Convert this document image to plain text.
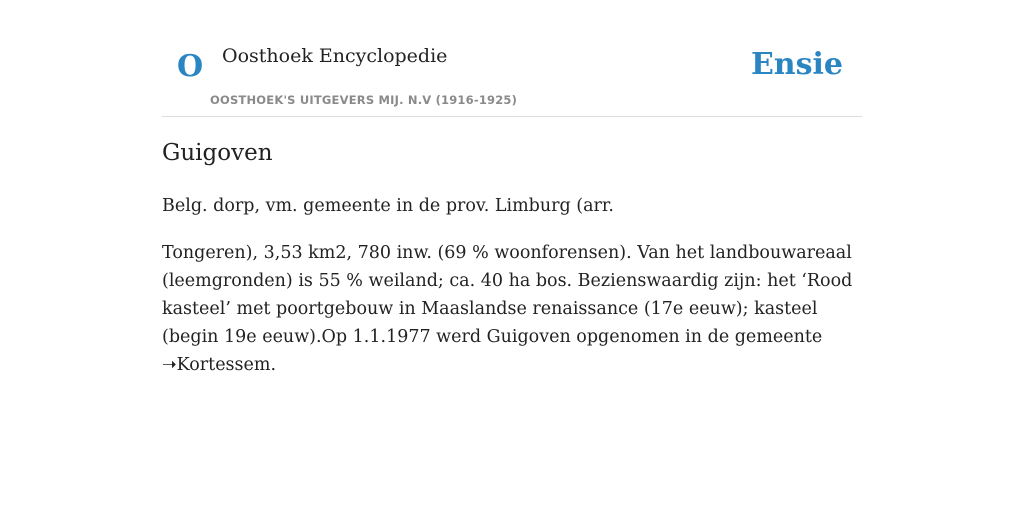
O Oosthoek Encyclopedie
OOSTHOEK'S UITGEVERS MIJ. N.V (1916-1925)
Ensie
Guigoven

Belg. dorp, vm. gemeente in de prov. Limburg (arr.

Tongeren), 3,53 km2, 780 inw. (69 % woonforensen). Van het landbouwareaal (leemgronden) is 55 % weiland; ca. 40 ha bos. Bezienswaardig zijn: het ‘Rood kasteel’ met poortgebouw in Maaslandse renaissance (17e eeuw); kasteel (begin 19e eeuw).Op 1.1.1977 werd Guigoven opgenomen in de gemeente ➝Kortessem.
